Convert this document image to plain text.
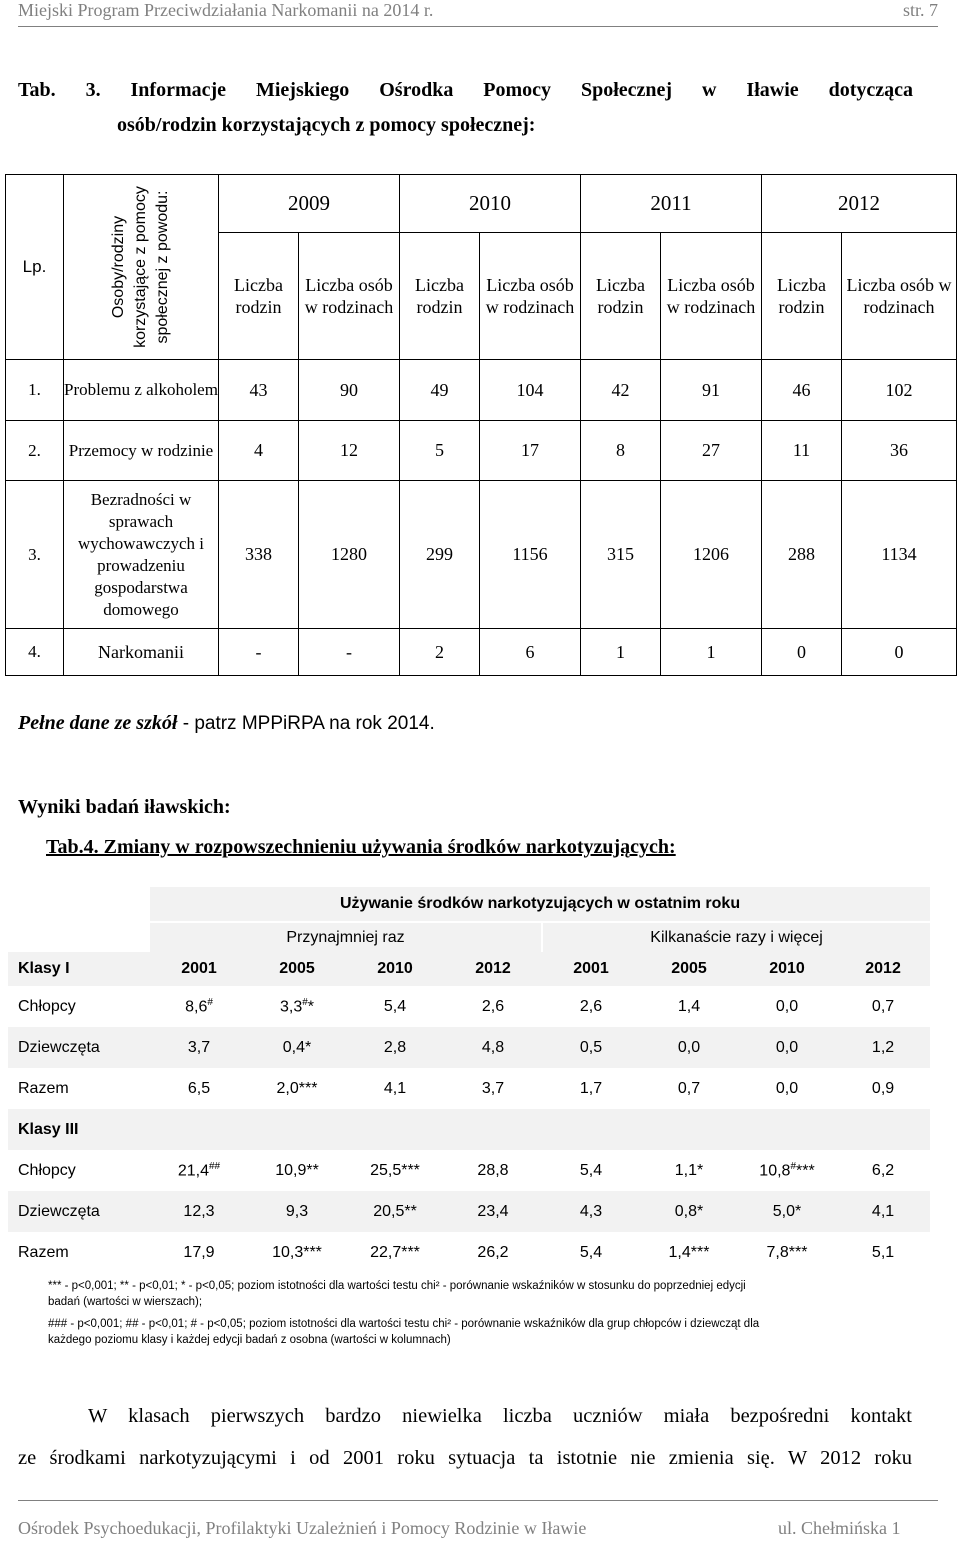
Miejski Program Przeciwdziałania Narkomanii na 2014 r.	str. 7
Tab. 3. Informacje Miejskiego Ośrodka Pomocy Społecznej w Iławie dotycząca
osób/rodzin korzystających z pomocy społecznej:
Lp.	Osoby/rodziny korzystające z pomocy społecznej z powodu:	2009		2010		2011		2012	
		Liczba rodzin	Liczba osób w rodzinach	Liczba rodzin	Liczba osób w rodzinach	Liczba rodzin	Liczba osób w rodzinach	Liczba rodzin	Liczba osób w rodzinach
1.	Problemu z alkoholem	43	90	49	104	42	91	46	102
2.	Przemocy w rodzinie	4	12	5	17	8	27	11	36
3.	Bezradności w sprawach wychowawczych i prowadzeniu gospodarstwa domowego	338	1280	299	1156	315	1206	288	1134
4.	Narkomanii	-	-	2	6	1	1	0	0
Pełne dane ze szkół - patrz MPPiRPA na rok 2014.
Wyniki badań iławskich:
Tab.4. Zmiany w rozpowszechnieniu używania środków narkotyzujących:
	Używanie środków narkotyzujących w ostatnim roku							
	Przynajmniej raz				Kilkanaście razy i więcej			
Klasy I	2001	2005	2010	2012	2001	2005	2010	2012
Chłopcy	8,6#	3,3#*	5,4	2,6	2,6	1,4	0,0	0,7
Dziewczęta	3,7	0,4*	2,8	4,8	0,5	0,0	0,0	1,2
Razem	6,5	2,0***	4,1	3,7	1,7	0,7	0,0	0,9
Klasy III								
Chłopcy	21,4##	10,9**	25,5***	28,8	5,4	1,1*	10,8#***	6,2
Dziewczęta	12,3	9,3	20,5**	23,4	4,3	0,8*	5,0*	4,1
Razem	17,9	10,3***	22,7***	26,2	5,4	1,4***	7,8***	5,1
*** - p<0,001; ** - p<0,01; * - p<0,05; poziom istotności dla wartości testu chi² - porównanie wskaźników w stosunku do poprzedniej edycji
badań (wartości w wierszach);
### - p<0,001; ## - p<0,01; # - p<0,05; poziom istotności dla wartości testu chi² - porównanie wskaźników dla grup chłopców i dziewcząt dla
każdego poziomu klasy i każdej edycji badań z osobna (wartości w kolumnach)
W klasach pierwszych bardzo niewielka liczba uczniów miała bezpośredni kontakt
ze środkami narkotyzującymi i od 2001 roku sytuacja ta istotnie nie zmienia się. W 2012 roku
Ośrodek Psychoedukacji, Profilaktyki Uzależnień i Pomocy Rodzinie w Iławie	ul. Chełmińska 1
